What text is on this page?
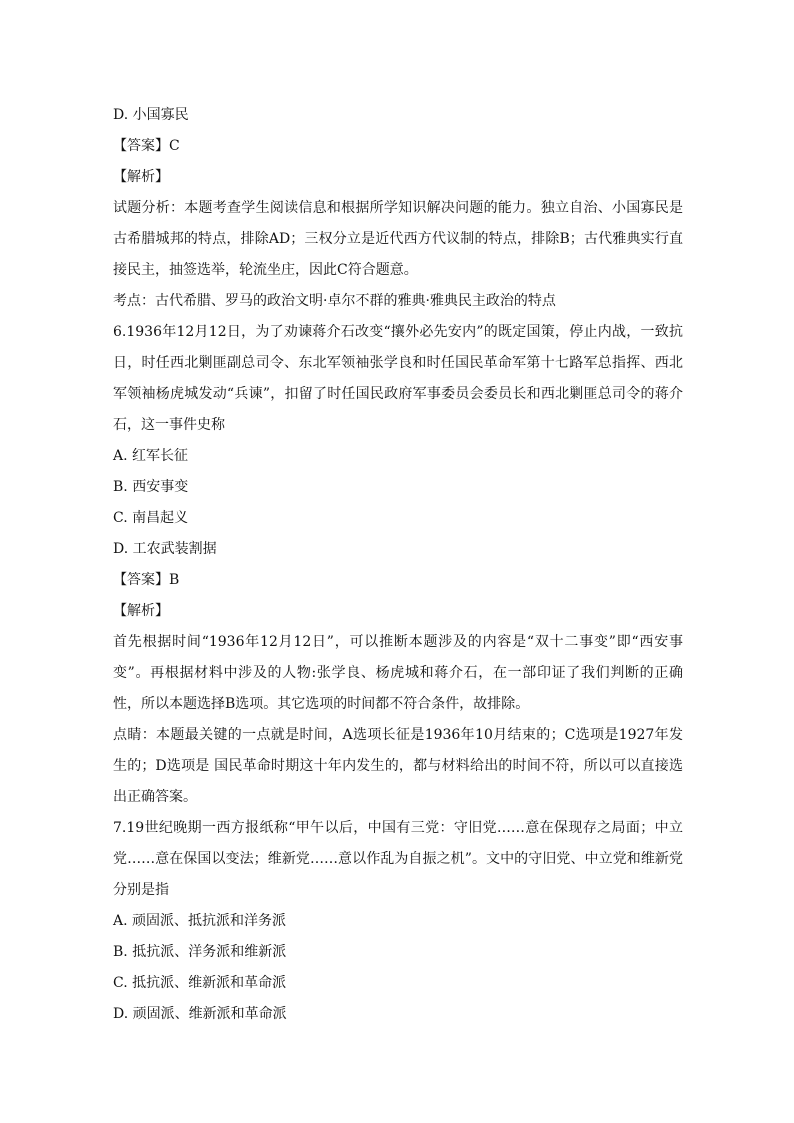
D. 小国寡民
【答案】C
【解析】
试题分析：本题考查学生阅读信息和根据所学知识解决问题的能力。独立自治、小国寡民是古希腊城邦的特点，排除AD；三权分立是近代西方代议制的特点，排除B；古代雅典实行直接民主，抽签选举，轮流坐庄，因此C符合题意。
考点：古代希腊、罗马的政治文明·卓尔不群的雅典·雅典民主政治的特点
6.1936年12月12日，为了劝谏蒋介石改变“攘外必先安内”的既定国策，停止内战，一致抗日，时任西北剿匪副总司令、东北军领袖张学良和时任国民革命军第十七路军总指挥、西北军领袖杨虎城发动“兵谏”，扣留了时任国民政府军事委员会委员长和西北剿匪总司令的蒋介石，这一事件史称
A. 红军长征
B. 西安事变
C. 南昌起义
D. 工农武装割据
【答案】B
【解析】
首先根据时间“1936年12月12日”，可以推断本题涉及的内容是“双十二事变”即“西安事变”。再根据材料中涉及的人物:张学良、杨虎城和蒋介石，在一部印证了我们判断的正确性，所以本题选择B选项。其它选项的时间都不符合条件，故排除。
点睛：本题最关键的一点就是时间，A选项长征是1936年10月结束的；C选项是1927年发生的；D选项是 国民革命时期这十年内发生的，都与材料给出的时间不符，所以可以直接选出正确答案。
7.19世纪晚期一西方报纸称“甲午以后，中国有三党：守旧党……意在保现存之局面；中立党……意在保国以变法；维新党……意以作乱为自振之机”。文中的守旧党、中立党和维新党分别是指
A. 顽固派、抵抗派和洋务派
B. 抵抗派、洋务派和维新派
C. 抵抗派、维新派和革命派
D. 顽固派、维新派和革命派
